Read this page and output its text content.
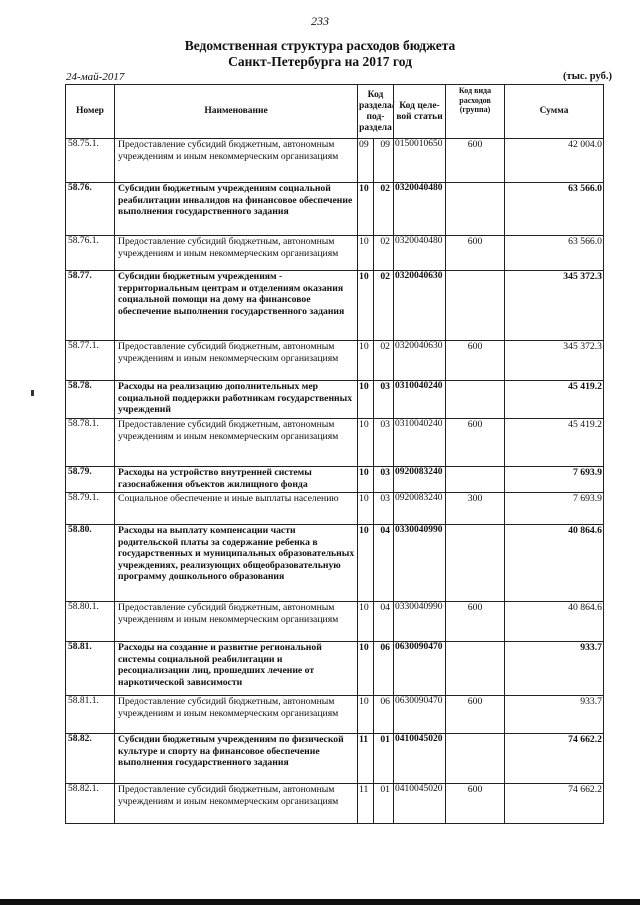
233
Ведомственная структура расходов бюджета
Санкт-Петербурга на 2017 год
24-май-2017	(тыс. руб.)
Номер	Наименование	Код раздела/ под-раздела		Код целе-вой статьи	Код вида расходов (группа)	Сумма
58.75.1.	Предоставление субсидий бюджетным, автономным учреждениям и иным некоммерческим организациям	09	09	0150010650	600	42 004.0
58.76.	Субсидии бюджетным учреждениям социальной реабилитации инвалидов на финансовое обеспечение выполнения государственного задания	10	02	0320040480		63 566.0
58.76.1.	Предоставление субсидий бюджетным, автономным учреждениям и иным некоммерческим организациям	10	02	0320040480	600	63 566.0
58.77.	Субсидии бюджетным учреждениям - территориальным центрам и отделениям оказания социальной помощи на дому на финансовое обеспечение выполнения государственного задания	10	02	0320040630		345 372.3
58.77.1.	Предоставление субсидий бюджетным, автономным учреждениям и иным некоммерческим организациям	10	02	0320040630	600	345 372.3
58.78.	Расходы на реализацию дополнительных мер социальной поддержки работникам государственных учреждений	10	03	0310040240		45 419.2
58.78.1.	Предоставление субсидий бюджетным, автономным учреждениям и иным некоммерческим организациям	10	03	0310040240	600	45 419.2
58.79.	Расходы на устройство внутренней системы газоснабжения объектов жилищного фонда	10	03	0920083240		7 693.9
58.79.1.	Социальное обеспечение и иные выплаты населению	10	03	0920083240	300	7 693.9
58.80.	Расходы на выплату компенсации части родительской платы за содержание ребенка в государственных и муниципальных образовательных учреждениях, реализующих общеобразовательную программу дошкольного образования	10	04	0330040990		40 864.6
58.80.1.	Предоставление субсидий бюджетным, автономным учреждениям и иным некоммерческим организациям	10	04	0330040990	600	40 864.6
58.81.	Расходы на создание и развитие региональной системы социальной реабилитации и ресоциализации лиц, прошедших лечение от наркотической зависимости	10	06	0630090470		933.7
58.81.1.	Предоставление субсидий бюджетным, автономным учреждениям и иным некоммерческим организациям	10	06	0630090470	600	933.7
58.82.	Субсидии бюджетным учреждениям по физической культуре и спорту на финансовое обеспечение выполнения государственного задания	11	01	0410045020		74 662.2
58.82.1.	Предоставление субсидий бюджетным, автономным учреждениям и иным некоммерческим организациям	11	01	0410045020	600	74 662.2
